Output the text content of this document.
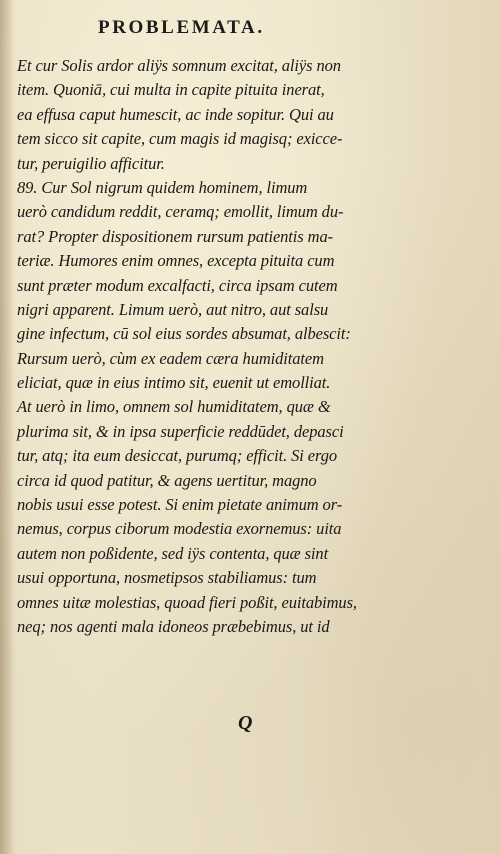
PROBLEMATA.
Et cur Solis ardor aliÿs somnum excitat, aliÿs non
item. Quoniā, cui multa in capite pituita inerat,
ea effusa caput humescit, ac inde sopitur. Qui au
tem sicco sit capite, cum magis id magisq; exicce-
tur, peruigilio afficitur.
89. Cur Sol nigrum quidem hominem, limum
uerò candidum reddit, ceramq; emollit, limum du-
rat? Propter dispositionem rursum patientis ma-
teriæ. Humores enim omnes, excepta pituita cum
sunt præter modum excalfacti, circa ipsam cutem
nigri apparent. Limum uerò, aut nitro, aut salsu
gine infectum, cū sol eius sordes absumat, albescit:
Rursum uerò, cùm ex eadem cæra humiditatem
eliciat, quæ in eius intimo sit, euenit ut emolliat.
At uerò in limo, omnem sol humiditatem, quæ &
plurima sit, & in ipsa superficie reddūdet, depasci
tur, atq; ita eum desiccat, purumq; efficit. Si ergo
circa id quod patitur, & agens uertitur, magno
nobis usui esse potest. Si enim pietate animum or-
nemus, corpus ciborum modestia exornemus: uita
autem non poßidente, sed iÿs contenta, quæ sint
usui opportuna, nosmetipsos stabiliamus: tum
omnes uitæ molestias, quoad fieri poßit, euitabimus,
neq; nos agenti mala idoneos præbebimus, ut id
Q
